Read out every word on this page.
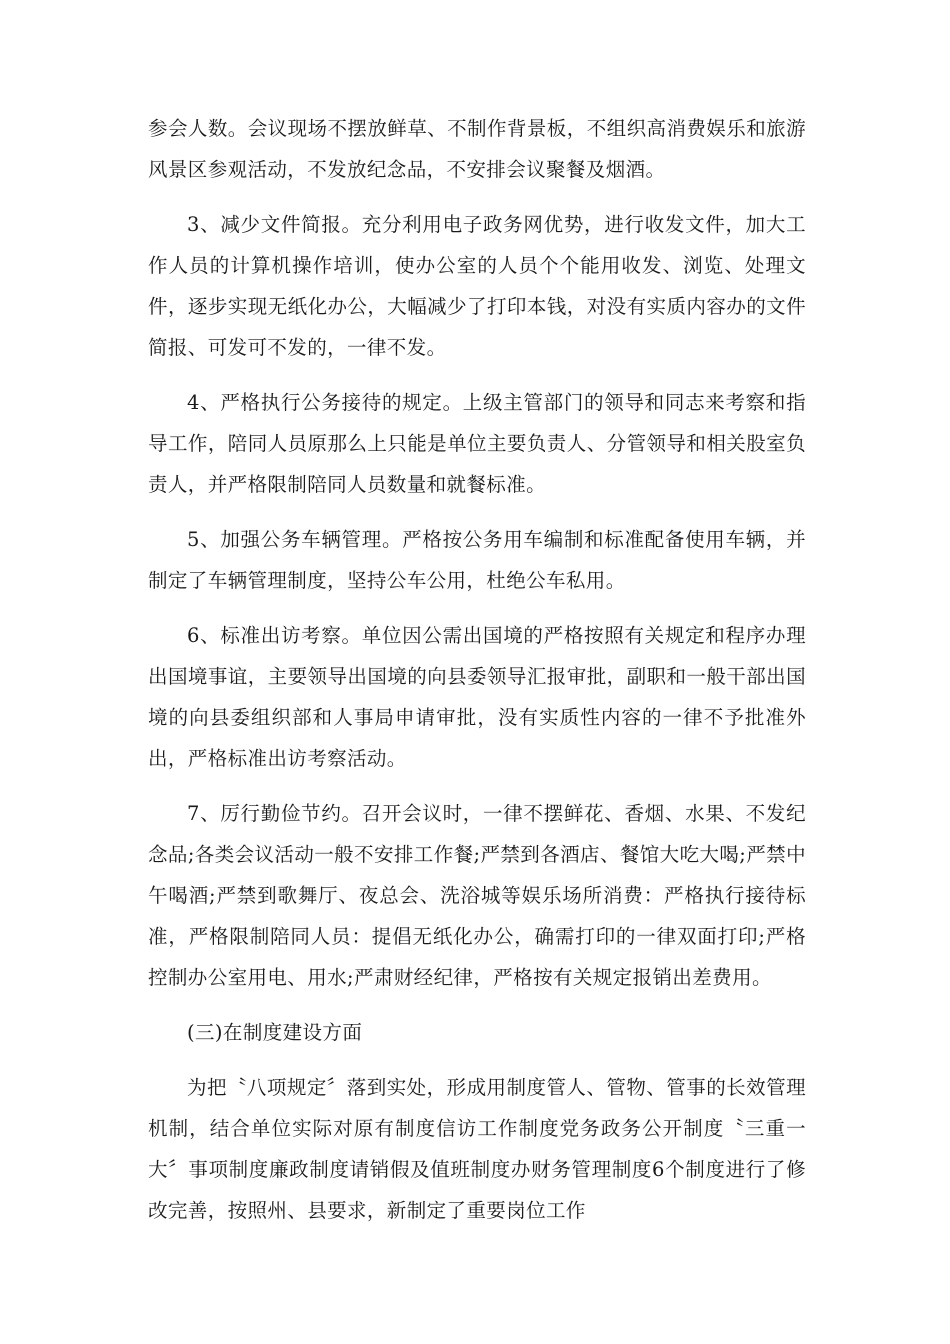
参会人数。会议现场不摆放鲜草、不制作背景板，不组织高消费娱乐和旅游风景区参观活动，不发放纪念品，不安排会议聚餐及烟酒。

3、减少文件简报。充分利用电子政务网优势，进行收发文件，加大工作人员的计算机操作培训，使办公室的人员个个能用收发、浏览、处理文件，逐步实现无纸化办公，大幅减少了打印本钱，对没有实质内容办的文件简报、可发可不发的，一律不发。

4、严格执行公务接待的规定。上级主管部门的领导和同志来考察和指导工作，陪同人员原那么上只能是单位主要负责人、分管领导和相关股室负责人，并严格限制陪同人员数量和就餐标准。

5、加强公务车辆管理。严格按公务用车编制和标准配备使用车辆，并制定了车辆管理制度，坚持公车公用，杜绝公车私用。

6、标准出访考察。单位因公需出国境的严格按照有关规定和程序办理出国境事谊，主要领导出国境的向县委领导汇报审批，副职和一般干部出国境的向县委组织部和人事局申请审批，没有实质性内容的一律不予批准外出，严格标准出访考察活动。

7、厉行勤俭节约。召开会议时，一律不摆鲜花、香烟、水果、不发纪念品;各类会议活动一般不安排工作餐;严禁到各酒店、餐馆大吃大喝;严禁中午喝酒;严禁到歌舞厅、夜总会、洗浴城等娱乐场所消费：严格执行接待标准，严格限制陪同人员：提倡无纸化办公，确需打印的一律双面打印;严格控制办公室用电、用水;严肃财经纪律，严格按有关规定报销出差费用。

(三)在制度建设方面

为把〝八项规定〞落到实处，形成用制度管人、管物、管事的长效管理机制，结合单位实际对原有制度信访工作制度党务政务公开制度〝三重一大〞事项制度廉政制度请销假及值班制度办财务管理制度6个制度进行了修改完善，按照州、县要求，新制定了重要岗位工作
